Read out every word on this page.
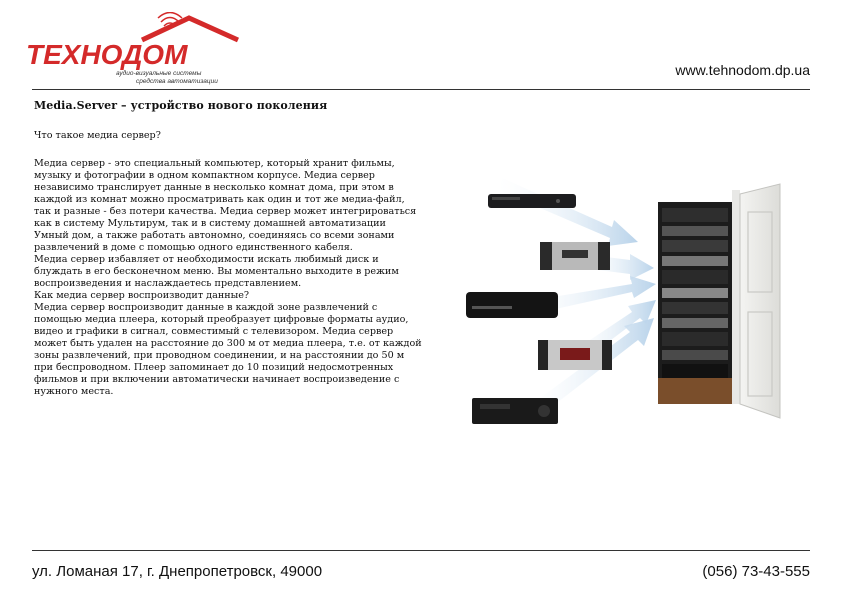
ТЕХНОДОМ
аудио-визуальные системы
средства автоматизации
www.tehnodom.dp.ua
Media.Server – устройство нового поколения
Что такое медиа сервер?

Медиа сервер - это специальный компьютер, который хранит фильмы,

музыку и фотографии в одном компактном корпусе. Медиа сервер

независимо транслирует данные в несколько комнат дома, при этом в

каждой из комнат можно просматривать как один и тот же медиа-файл,

так и разные - без потери качества. Медиа сервер может интегрироваться

как в систему Мультирум, так и в систему домашней автоматизации

Умный дом, а также работать автономно, соединяясь со всеми зонами

развлечений в доме с помощью одного единственного кабеля.

Медиа сервер избавляет от необходимости искать любимый диск и

блуждать в его бесконечном меню. Вы моментально выходите в режим

воспроизведения и наслаждаетесь представлением.

Как медиа сервер воспроизводит данные?

Медиа сервер воспроизводит данные в каждой зоне развлечений с

помощью медиа плеера, который преобразует цифровые форматы аудио,

видео и графики в сигнал, совместимый с телевизором. Медиа сервер

может быть удален на расстояние до 300 м от медиа плеера, т.е. от каждой

зоны развлечений, при проводном соединении, и на расстоянии до 50 м

при беспроводном. Плеер запоминает до 10 позиций недосмотренных

фильмов и при включении автоматически начинает воспроизведение с

нужного места.

ул. Ломаная 17, г. Днепропетровск, 49000	(056) 73-43-555
